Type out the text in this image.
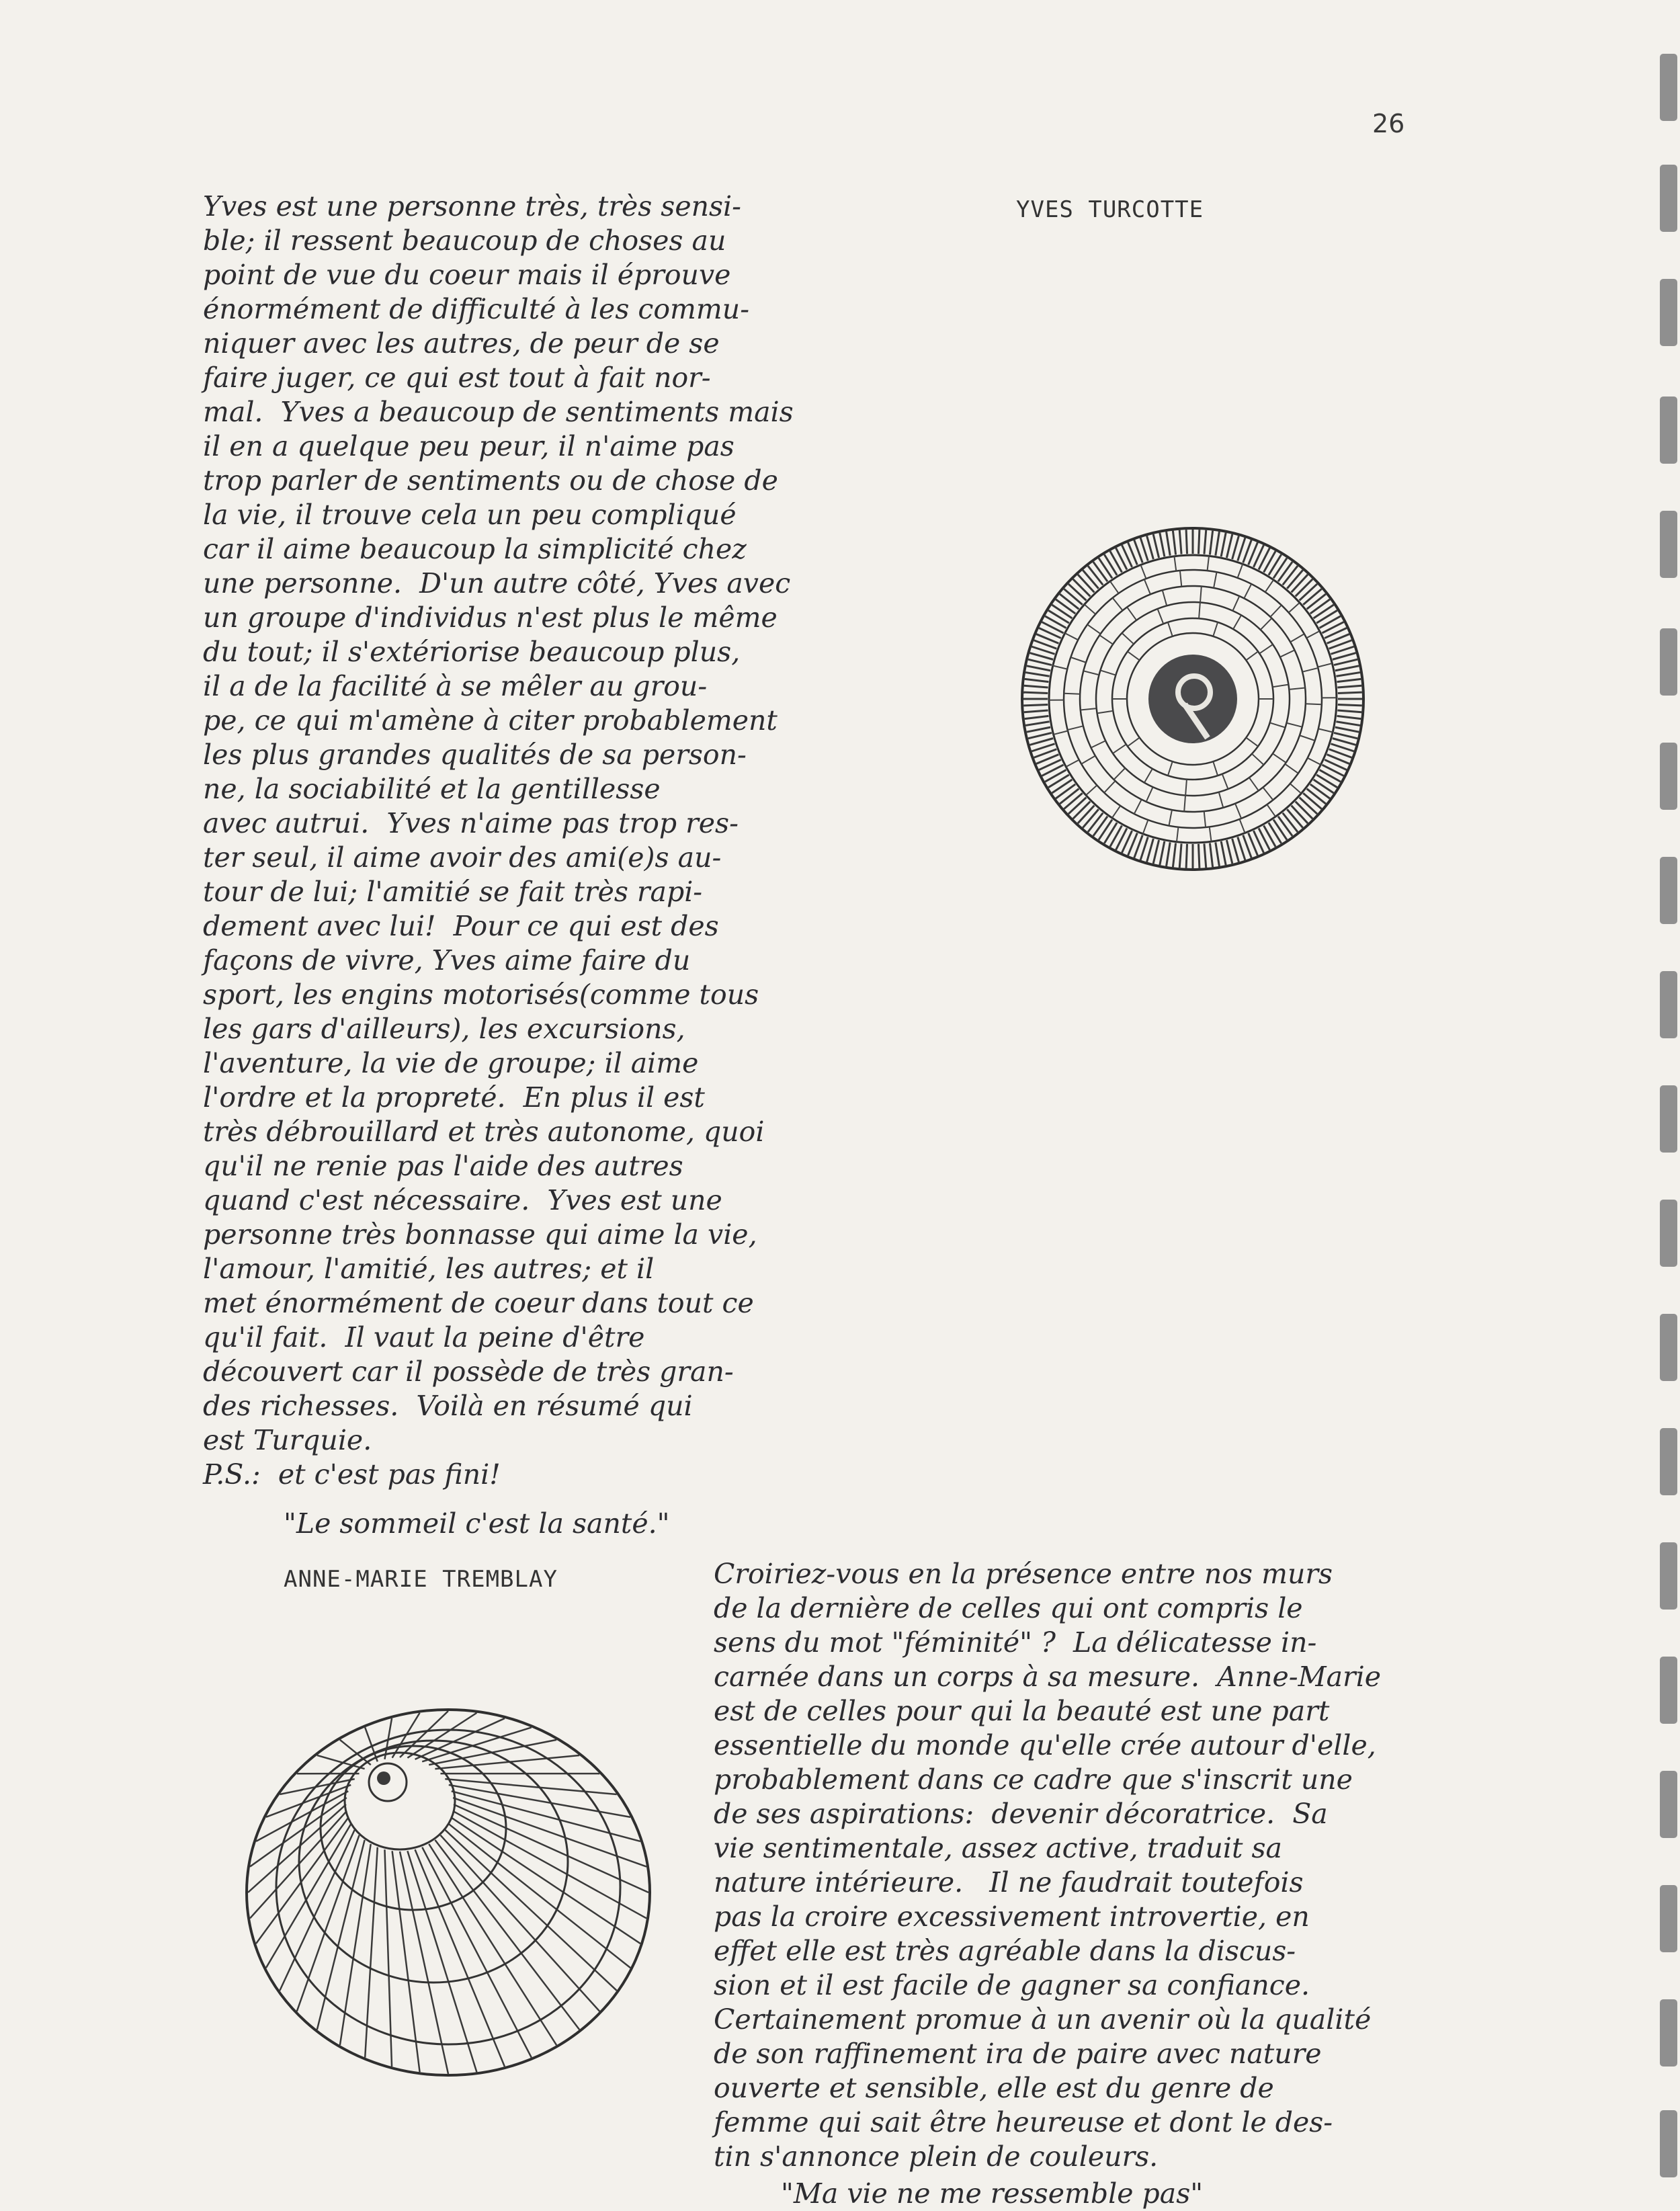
26
YVES TURCOTTE
Yves est une personne très, très sensi-
ble; il ressent beaucoup de choses au
point de vue du coeur mais il éprouve
énormément de difficulté à les commu-
niquer avec les autres, de peur de se
faire juger, ce qui est tout à fait nor-
mal.  Yves a beaucoup de sentiments mais
il en a quelque peu peur, il n'aime pas
trop parler de sentiments ou de chose de
la vie, il trouve cela un peu compliqué
car il aime beaucoup la simplicité chez
une personne.  D'un autre côté, Yves avec
un groupe d'individus n'est plus le même
du tout; il s'extériorise beaucoup plus,
il a de la facilité à se mêler au grou-
pe, ce qui m'amène à citer probablement
les plus grandes qualités de sa person-
ne, la sociabilité et la gentillesse
avec autrui.  Yves n'aime pas trop res-
ter seul, il aime avoir des ami(e)s au-
tour de lui; l'amitié se fait très rapi-
dement avec lui!  Pour ce qui est des
façons de vivre, Yves aime faire du
sport, les engins motorisés(comme tous
les gars d'ailleurs), les excursions,
l'aventure, la vie de groupe; il aime
l'ordre et la propreté.  En plus il est
très débrouillard et très autonome, quoi
qu'il ne renie pas l'aide des autres
quand c'est nécessaire.  Yves est une
personne très bonnasse qui aime la vie,
l'amour, l'amitié, les autres; et il
met énormément de coeur dans tout ce
qu'il fait.  Il vaut la peine d'être
découvert car il possède de très gran-
des richesses.  Voilà en résumé qui
est Turquie.
P.S.:  et c'est pas fini!
"Le sommeil c'est la santé."
ANNE-MARIE TREMBLAY	Croiriez-vous en la présence entre nos murs
de la dernière de celles qui ont compris le
sens du mot "féminité" ?  La délicatesse in-
carnée dans un corps à sa mesure.  Anne-Marie
est de celles pour qui la beauté est une part
essentielle du monde qu'elle crée autour d'elle,
probablement dans ce cadre que s'inscrit une
de ses aspirations:  devenir décoratrice.  Sa
vie sentimentale, assez active, traduit sa
nature intérieure.   Il ne faudrait toutefois
pas la croire excessivement introvertie, en
effet elle est très agréable dans la discus-
sion et il est facile de gagner sa confiance.
Certainement promue à un avenir où la qualité
de son raffinement ira de paire avec nature
ouverte et sensible, elle est du genre de
femme qui sait être heureuse et dont le des-
tin s'annonce plein de couleurs.
"Ma vie ne me ressemble pas"
